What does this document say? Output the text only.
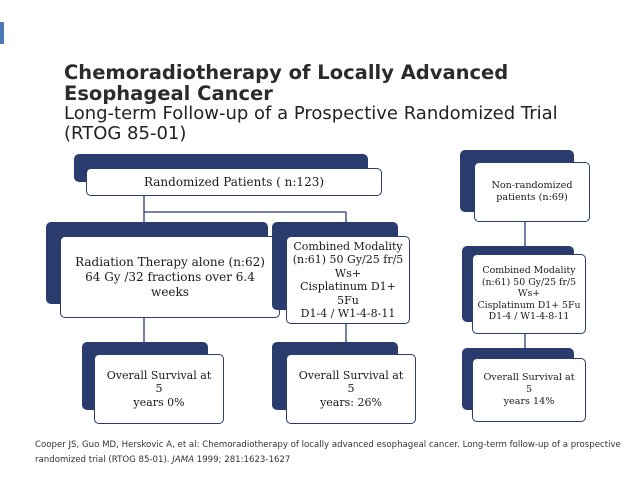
Chemoradiotherapy of Locally Advanced
Esophageal Cancer
Long-term Follow-up of a Prospective Randomized Trial
(RTOG 85-01)
Randomized Patients ( n:123)
Radiation Therapy alone (n:62)
64 Gy /32 fractions over 6.4
weeks
Combined Modality
(n:61) 50 Gy/25 fr/5
Ws+
Cisplatinum D1+ 5Fu
D1-4 / W1-4-8-11
Overall Survival at 5
years 0%
Overall Survival at 5
years: 26%
Non-randomized
patients (n:69)
Combined Modality
(n:61) 50 Gy/25 fr/5
Ws+
Cisplatinum D1+ 5Fu
D1-4 / W1-4-8-11
Overall Survival at 5
years 14%
Cooper JS, Guo MD, Herskovic A, et al: Chemoradiotherapy of locally advanced esophageal cancer. Long-term follow-up of a prospective
randomized trial (RTOG 85-01). JAMA 1999; 281:1623-1627
